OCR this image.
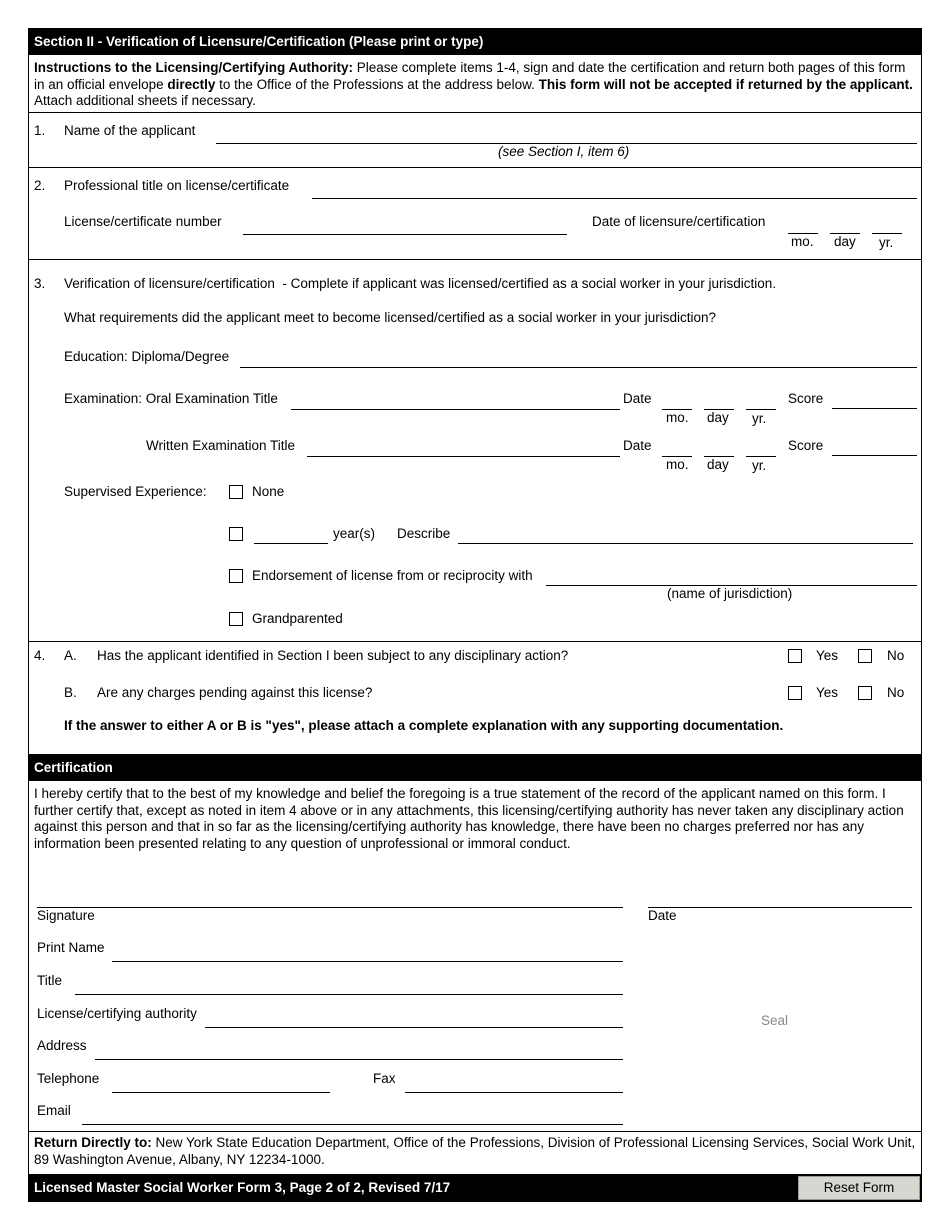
Section II - Verification of Licensure/Certification (Please print or type)
Instructions to the Licensing/Certifying Authority: Please complete items 1-4, sign and date the certification and return both pages of this form in an official envelope directly to the Office of the Professions at the address below. This form will not be accepted if returned by the applicant. Attach additional sheets if necessary.
1. Name of the applicant
(see Section I, item 6)
2. Professional title on license/certificate
License/certificate number	Date of licensure/certification
mo. day yr.
3. Verification of licensure/certification  - Complete if applicant was licensed/certified as a social worker in your jurisdiction.
What requirements did the applicant meet to become licensed/certified as a social worker in your jurisdiction?
Education: Diploma/Degree
Examination: Oral Examination Title	Date
mo. day yr.
Score
Written Examination Title	Date
mo. day yr.
Score
Supervised Experience:	None
year(s) Describe
Endorsement of license from or reciprocity with
(name of jurisdiction)
Grandparented
4. A. Has the applicant identified in Section I been subject to any disciplinary action?	Yes	No
B. Are any charges pending against this license?	Yes	No
If the answer to either A or B is "yes", please attach a complete explanation with any supporting documentation.
Certification
I hereby certify that to the best of my knowledge and belief the foregoing is a true statement of the record of the applicant named on this form. I further certify that, except as noted in item 4 above or in any attachments, this licensing/certifying authority has never taken any disciplinary action against this person and that in so far as the licensing/certifying authority has knowledge, there have been no charges preferred nor has any information been presented relating to any question of unprofessional or immoral conduct.
Signature	Date
Print Name
Title
License/certifying authority
Address
Telephone	Fax
Email
Seal
Return Directly to: New York State Education Department, Office of the Professions, Division of Professional Licensing Services, Social Work Unit, 89 Washington Avenue, Albany, NY 12234-1000.
Licensed Master Social Worker Form 3, Page 2 of 2, Revised 7/17	Reset Form
